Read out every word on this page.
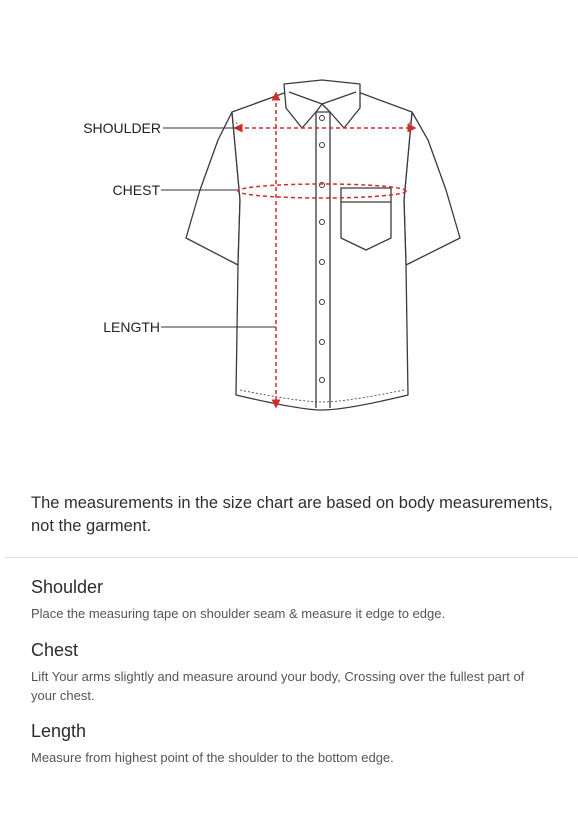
SHOULDER
CHEST
LENGTH

The measurements in the size chart are based on body measurements, not the garment.

Shoulder

Place the measuring tape on shoulder seam & measure it edge to edge.

Chest

Lift Your arms slightly and measure around your body, Crossing over the fullest part of your chest.

Length

Measure from highest point of the shoulder to the bottom edge.
